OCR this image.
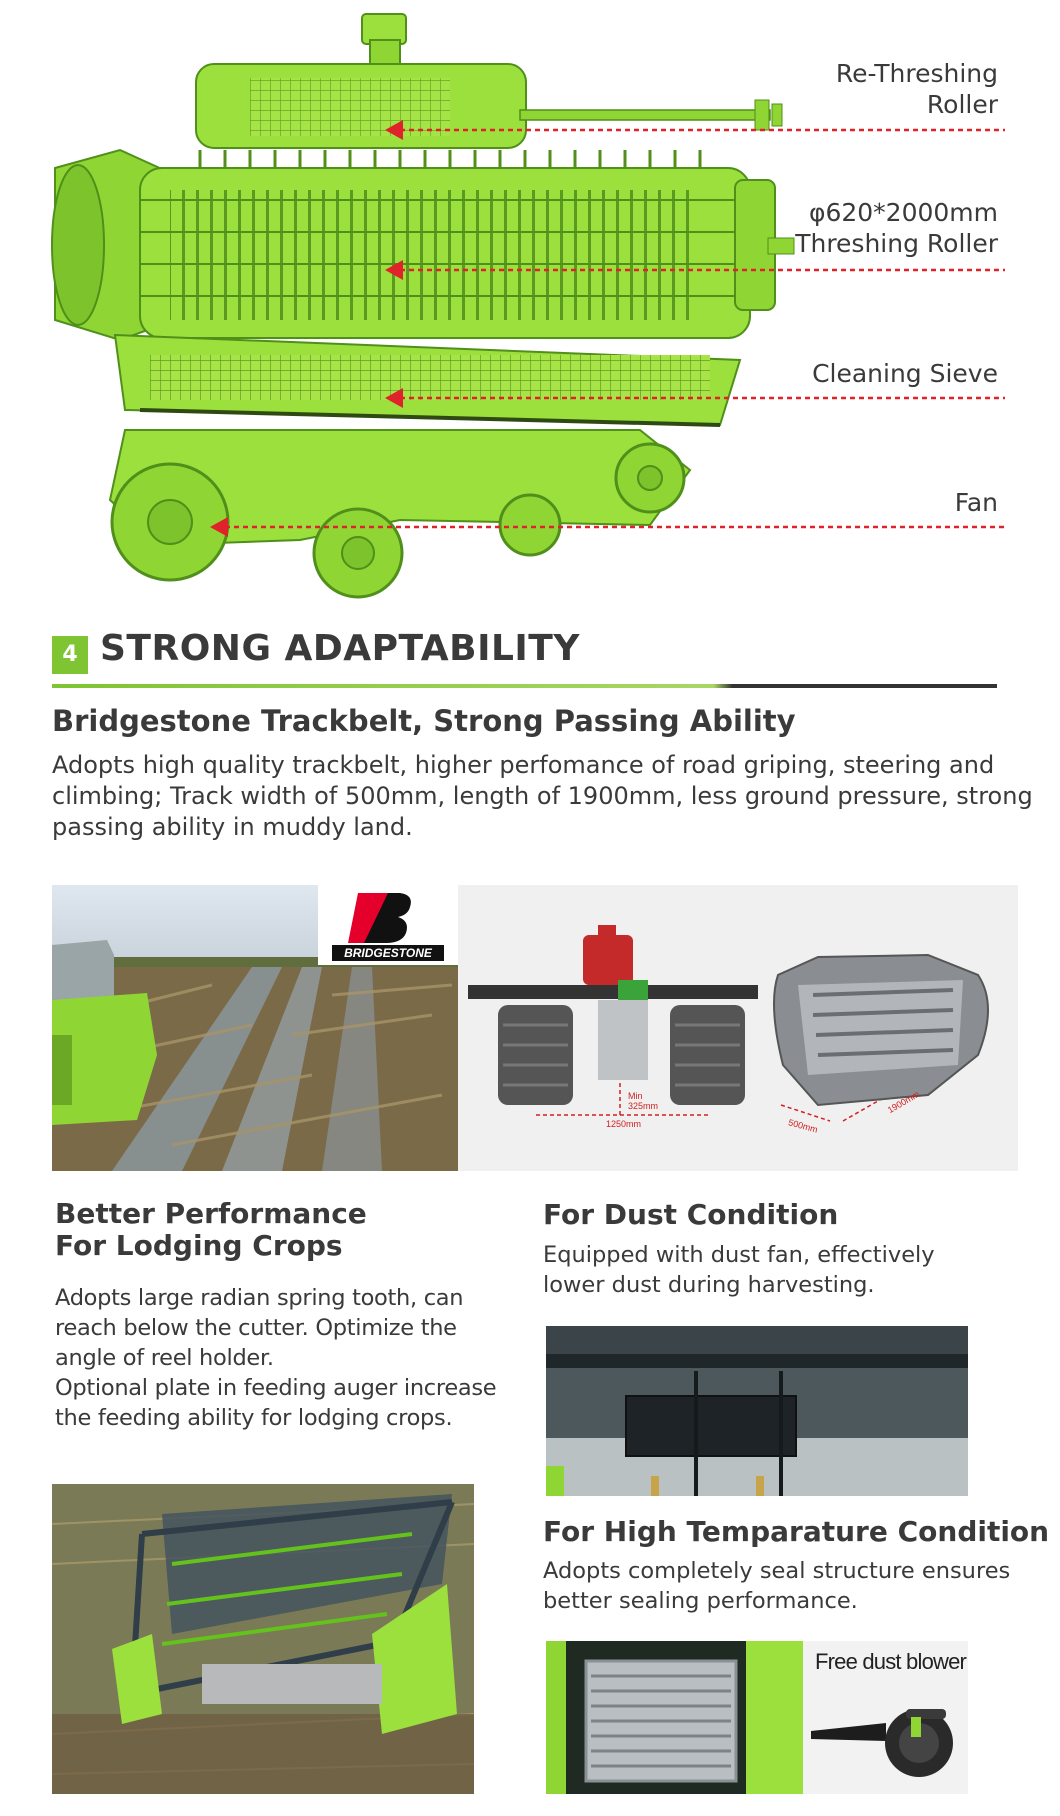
Re-Threshing
Roller
φ620*2000mm
Threshing Roller
Cleaning Sieve
Fan
4 STRONG ADAPTABILITY
Bridgestone Trackbelt, Strong Passing Ability
Adopts high quality trackbelt, higher perfomance of road griping, steering and
climbing; Track width of 500mm, length of 1900mm, less ground pressure, strong
passing ability in muddy land.
BRIDGESTONE
Min
325mm
1250mm	500mm
1900mm
Better Performance
For Lodging Crops
Adopts large radian spring tooth, can
reach below the cutter. Optimize the
angle of reel holder.
Optional plate in feeding auger increase
the feeding ability for lodging crops.
For Dust Condition
Equipped with dust fan, effectively
lower dust during harvesting.
For High Temparature Condition
Adopts completely seal structure ensures
better sealing performance.
Free dust blower
